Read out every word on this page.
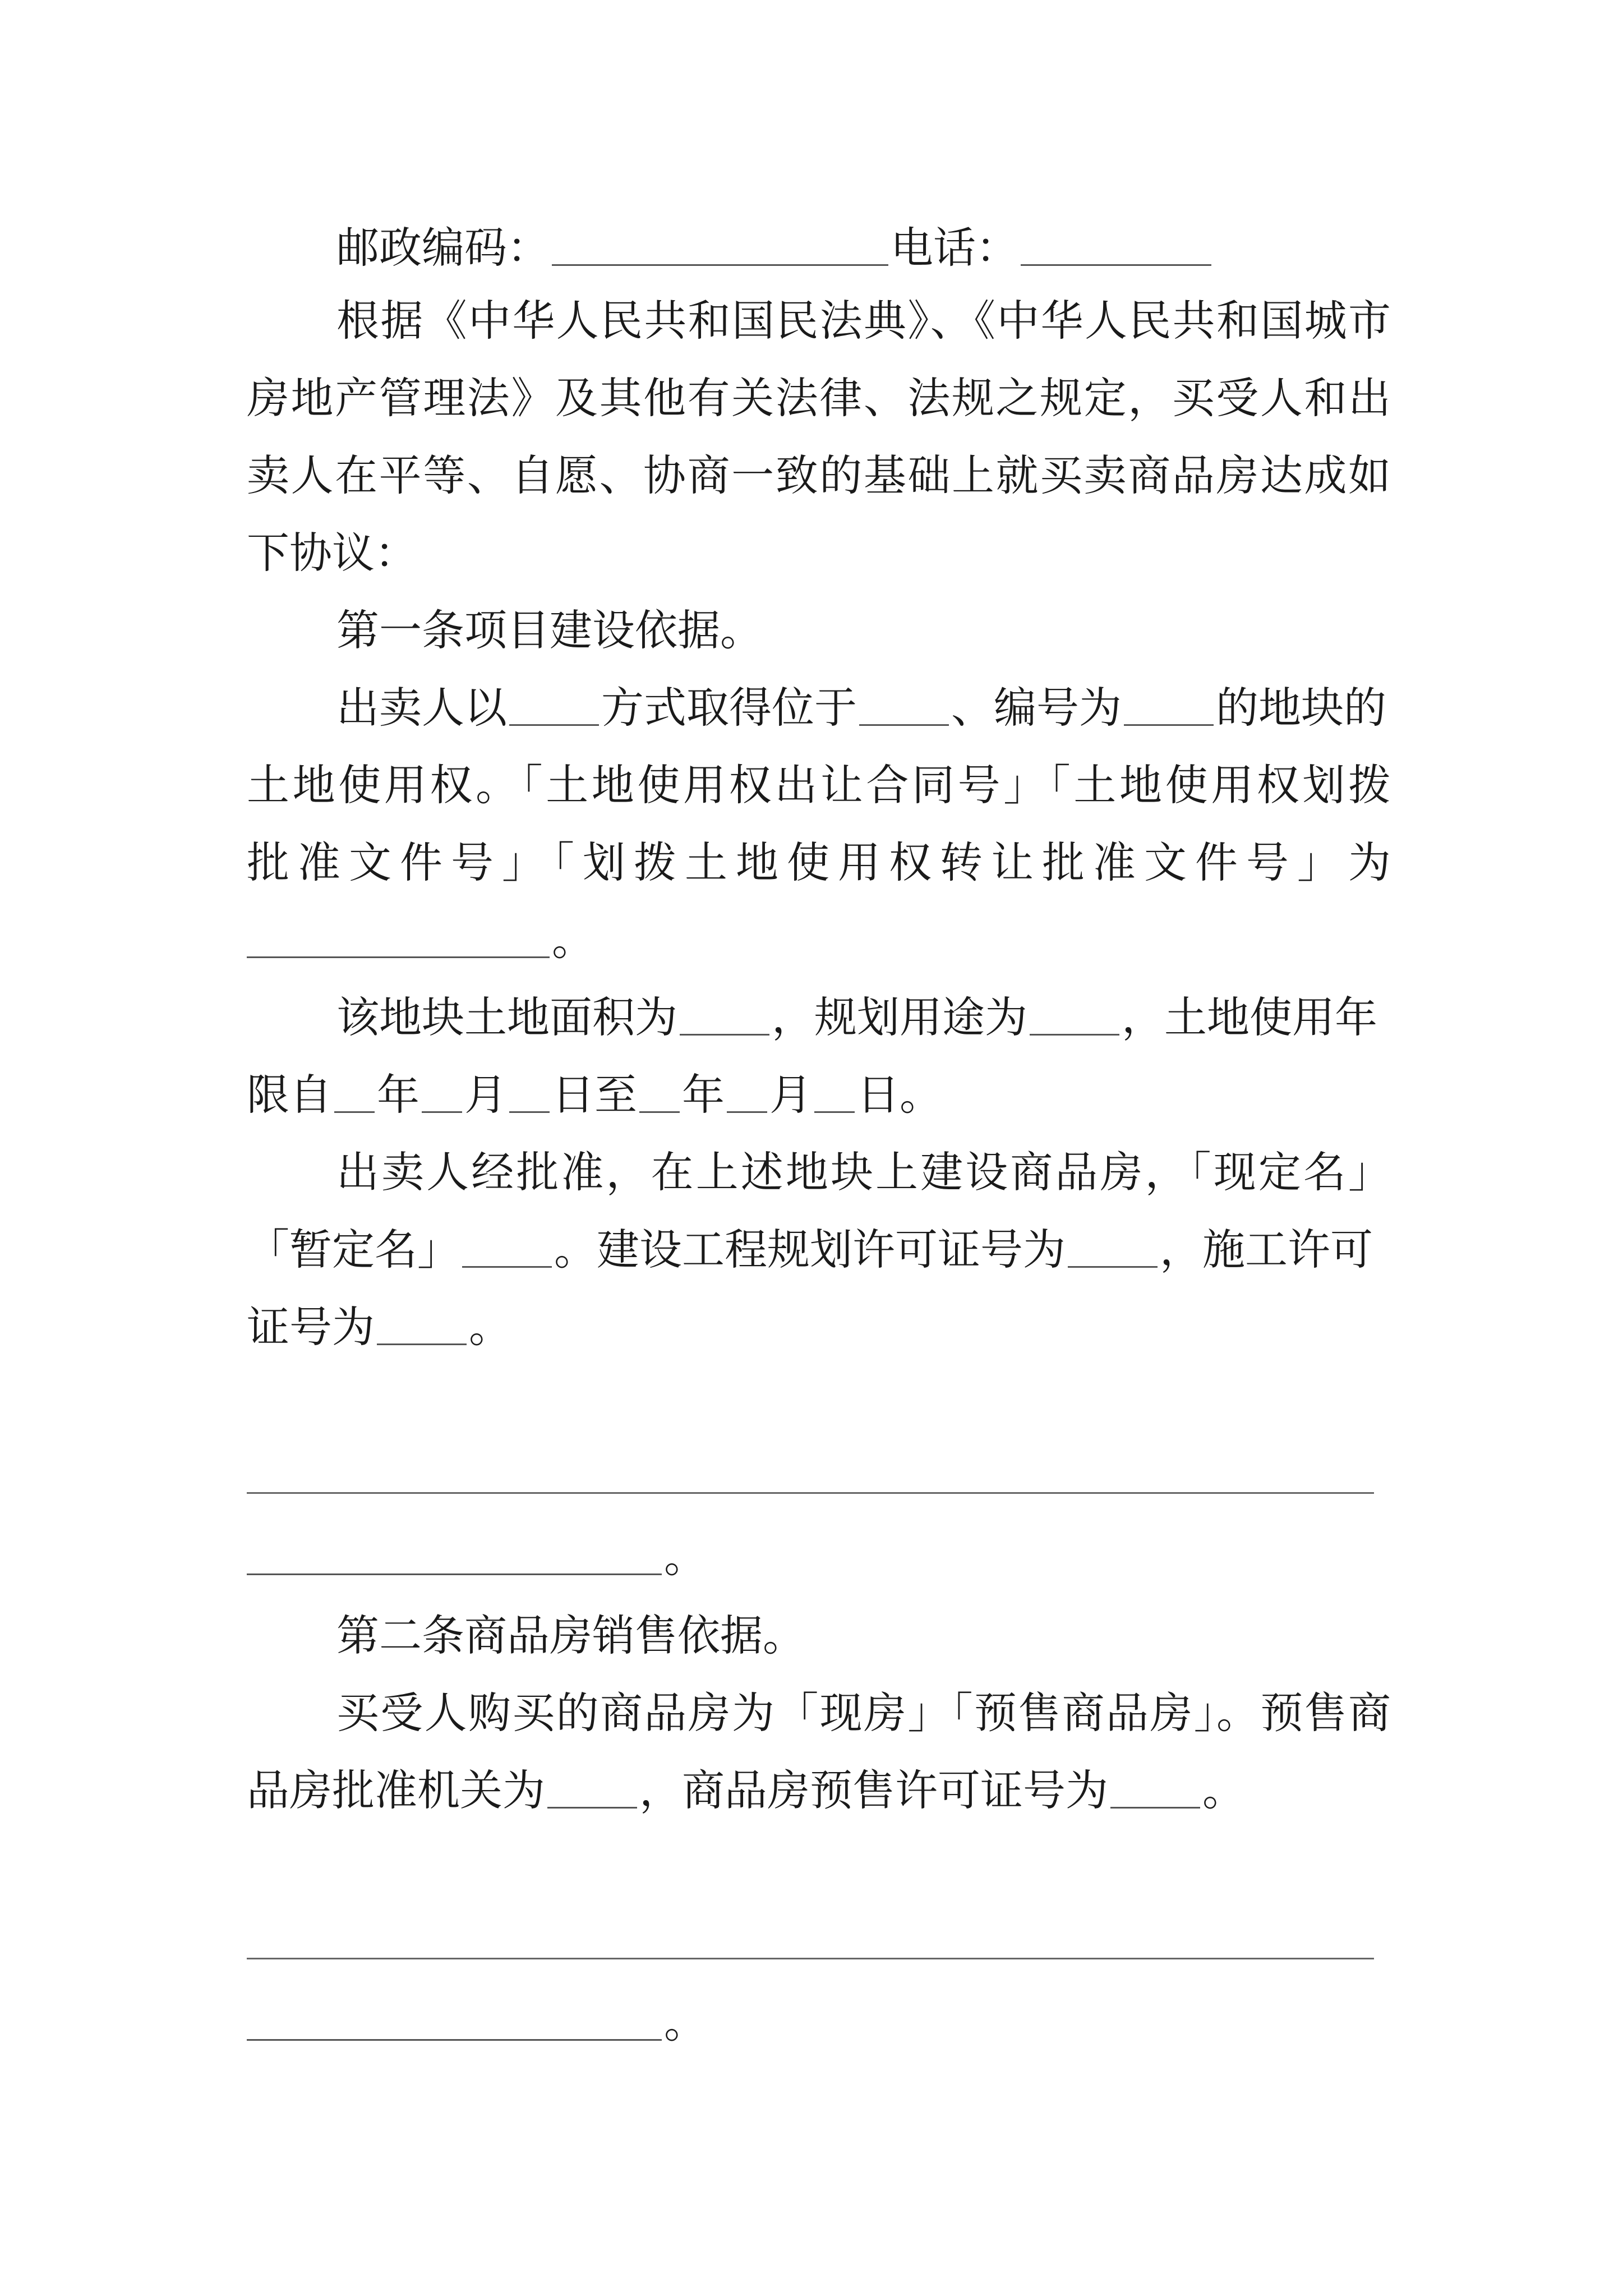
邮政编码：	电话：
根据《中华人民共和国民法典》、《中华人民共和国城市
房地产管理法》及其他有关法律、法规之规定，买受人和出
卖人在平等、自愿、协商一致的基础上就买卖商品房达成如
下协议：
第一条项目建设依据。
出卖人以 方式取得位于 、编号为 的地块的
土地使用权。「土地使用权出让合同号」「土地使用权划拨
批准文件号」「划拨土地使用权转让批准文件号」为
。
该地块土地面积为 ，规划用途为 ，土地使用年
限自 年 月 日至 年 月 日。
出卖人经批准，在上述地块上建设商品房，「现定名」
「暂定名」 。建设工程规划许可证号为 ，施工许可
证号为 。
。
第二条商品房销售依据。
买受人购买的商品房为「现房」「预售商品房」。预售商
品房批准机关为 ，商品房预售许可证号为 。
。
